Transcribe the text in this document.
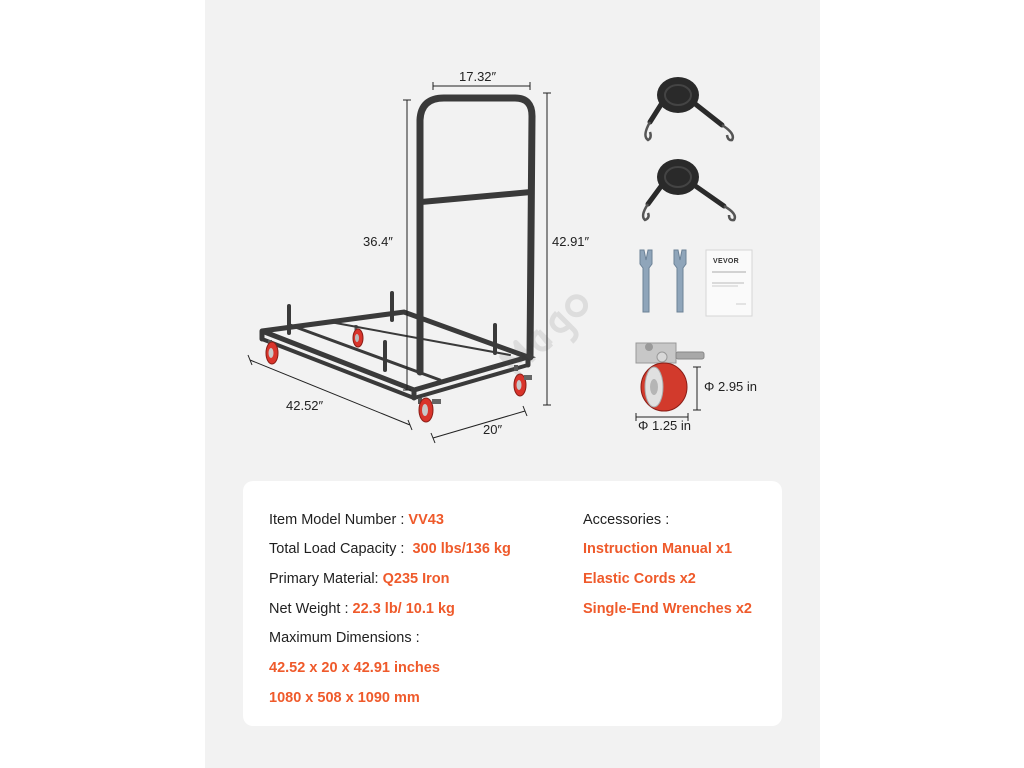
17.32″
36.4″	42.91″
42.52″
20″
Φ 2.95 in
Φ 1.25 in
VEVOR
Item Model Number : VV43
Total Load Capacity :  300 lbs/136 kg
Primary Material: Q235 Iron
Net Weight : 22.3 lb/ 10.1 kg
Maximum Dimensions :
42.52 x 20 x 42.91 inches
1080 x 508 x 1090 mm
Accessories :
Instruction Manual x1
Elastic Cords x2
Single-End Wrenches x2
